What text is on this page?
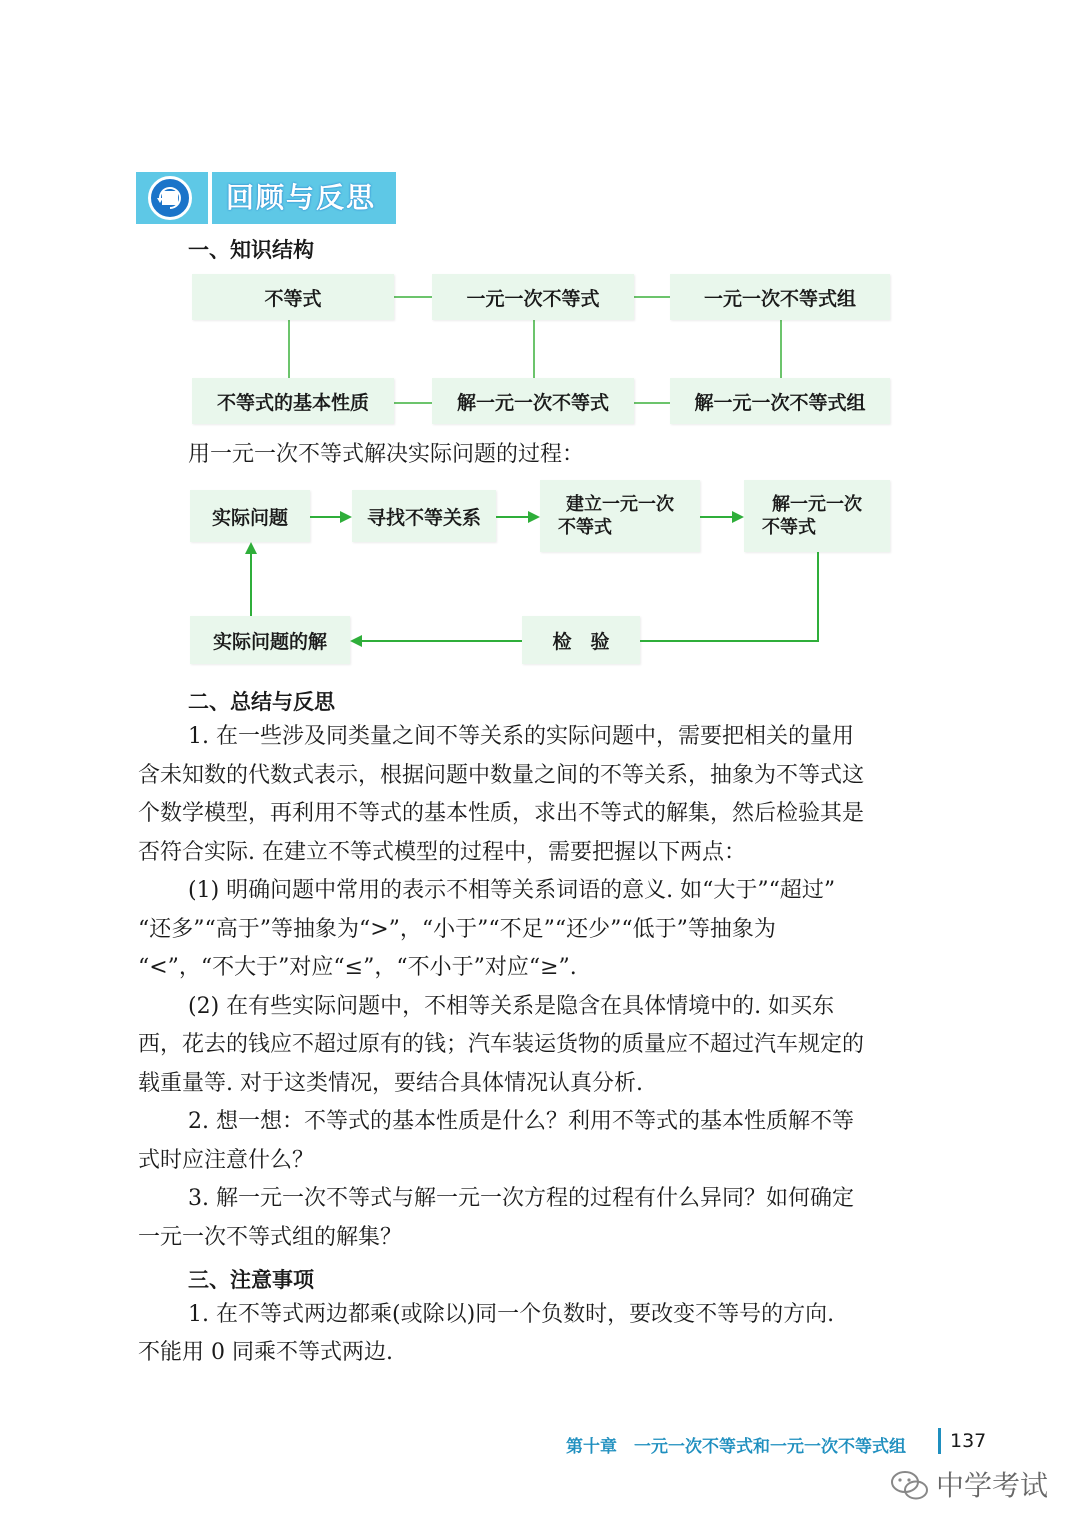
回顾与反思
一、知识结构
不等式	一元一次不等式	一元一次不等式组
不等式的基本性质	解一元一次不等式	解一元一次不等式组
用一元一次不等式解决实际问题的过程：
实际问题	寻找不等关系
建立一元一次
不等式
解一元一次
不等式
检　验
实际问题的解
二、总结与反思
1. 在一些涉及同类量之间不等关系的实际问题中，需要把相关的量用
含未知数的代数式表示，根据问题中数量之间的不等关系，抽象为不等式这
个数学模型，再利用不等式的基本性质，求出不等式的解集，然后检验其是
否符合实际. 在建立不等式模型的过程中，需要把握以下两点：
(1) 明确问题中常用的表示不相等关系词语的意义. 如“大于”“超过”
“还多”“高于”等抽象为“>”，“小于”“不足”“还少”“低于”等抽象为
“<”，“不大于”对应“≤”，“不小于”对应“≥”.
(2) 在有些实际问题中，不相等关系是隐含在具体情境中的. 如买东
西，花去的钱应不超过原有的钱；汽车装运货物的质量应不超过汽车规定的
载重量等. 对于这类情况，要结合具体情况认真分析.
2. 想一想：不等式的基本性质是什么？利用不等式的基本性质解不等
式时应注意什么？
3. 解一元一次不等式与解一元一次方程的过程有什么异同？如何确定
一元一次不等式组的解集？
三、注意事项
1. 在不等式两边都乘(或除以)同一个负数时，要改变不等号的方向.
不能用 0 同乘不等式两边.
第十章　一元一次不等式和一元一次不等式组 137
中学考试
